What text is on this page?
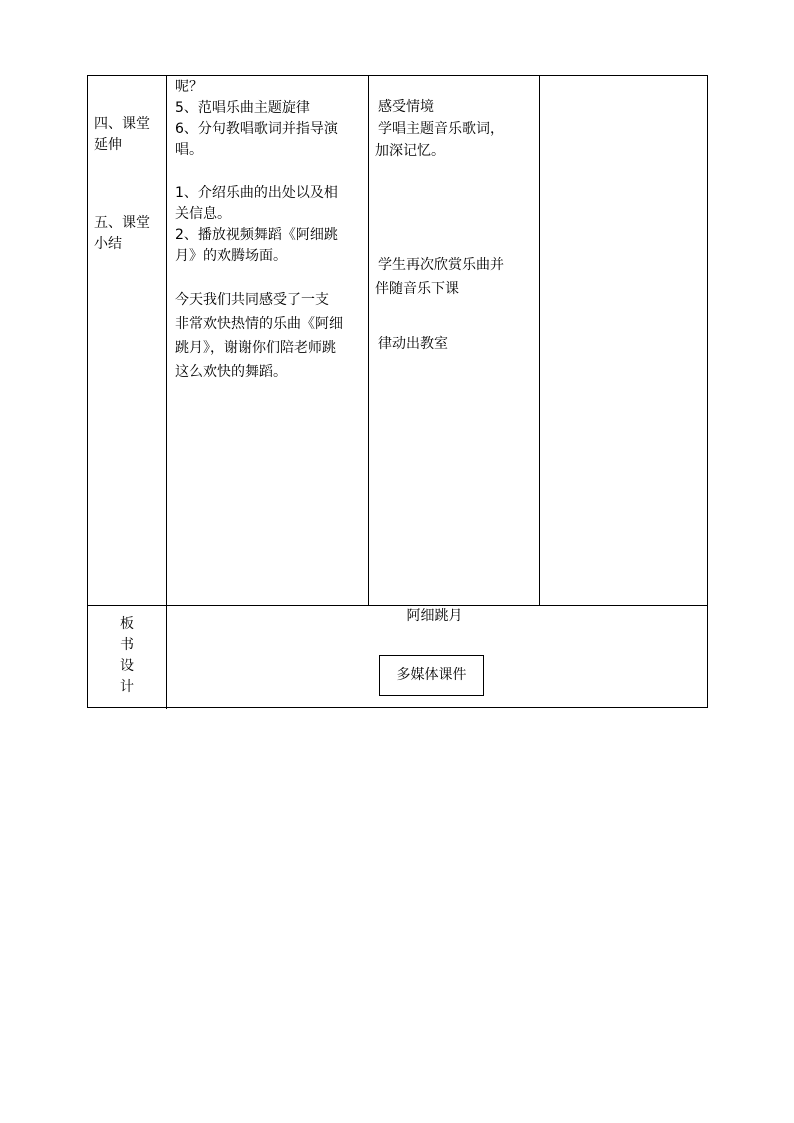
四、课堂
延伸
五、课堂
小结
呢？
5、范唱乐曲主题旋律
6、分句教唱歌词并指导演
唱。
1、介绍乐曲的出处以及相
关信息。
2、播放视频舞蹈《阿细跳
月》的欢腾场面。
今天我们共同感受了一支
非常欢快热情的乐曲《阿细
跳月》，谢谢你们陪老师跳
这么欢快的舞蹈。
感受情境
学唱主题音乐歌词，
加深记忆。
学生再次欣赏乐曲并
伴随音乐下课
律动出教室
板
书
设
计
阿细跳月
多媒体课件
